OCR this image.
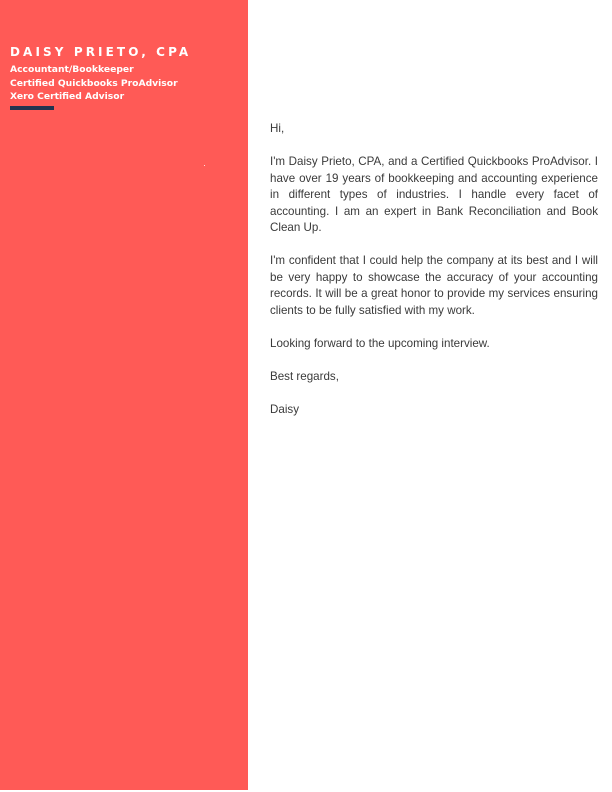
DAISY PRIETO, CPA
Accountant/Bookkeeper
Certified Quickbooks ProAdvisor
Xero Certified Advisor

Hi,

I'm Daisy Prieto, CPA, and a Certified Quickbooks ProAdvisor. I have over 19 years of bookkeeping and accounting experience in different types of industries. I handle every facet of accounting. I am an expert in Bank Reconciliation and Book Clean Up.

I'm confident that I could help the company at its best and I will be very happy to showcase the accuracy of your accounting records. It will be a great honor to provide my services ensuring clients to be fully satisfied with my work.

Looking forward to the upcoming interview.

Best regards,

Daisy
